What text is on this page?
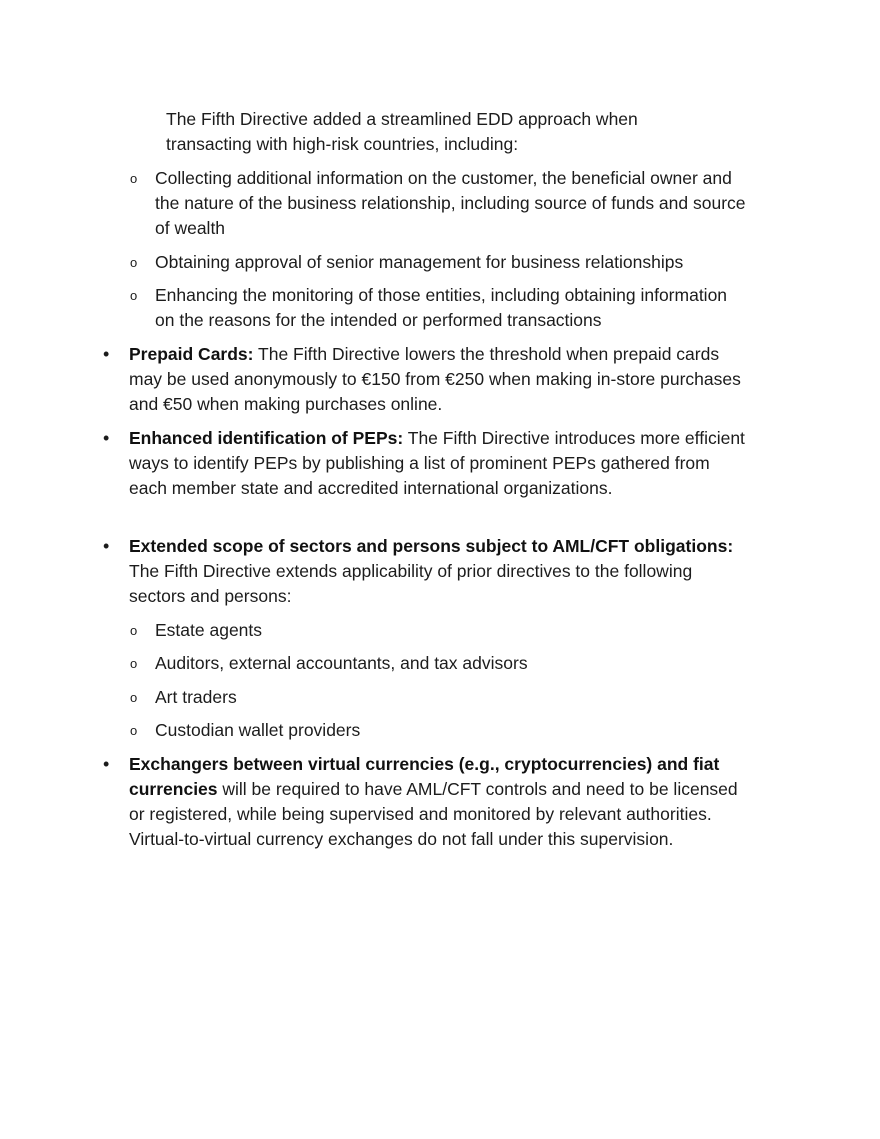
The Fifth Directive added a streamlined EDD approach when transacting with high-risk countries, including:

o	Collecting additional information on the customer, the beneficial owner and the nature of the business relationship, including source of funds and source of wealth
o	Obtaining approval of senior management for business relationships
o	Enhancing the monitoring of those entities, including obtaining information on the reasons for the intended or performed transactions
•	Prepaid Cards: The Fifth Directive lowers the threshold when prepaid cards may be used anonymously to €150 from €250 when making in-store purchases and €50 when making purchases online.
•	Enhanced identification of PEPs: The Fifth Directive introduces more efficient ways to identify PEPs by publishing a list of prominent PEPs gathered from each member state and accredited international organizations.
•	Extended scope of sectors and persons subject to AML/CFT obligations: The Fifth Directive extends applicability of prior directives to the following sectors and persons:
o	Estate agents
o	Auditors, external accountants, and tax advisors
o	Art traders
o	Custodian wallet providers
•	Exchangers between virtual currencies (e.g., cryptocurrencies) and fiat currencies will be required to have AML/CFT controls and need to be licensed or registered, while being supervised and monitored by relevant authorities. Virtual-to-virtual currency exchanges do not fall under this supervision.
